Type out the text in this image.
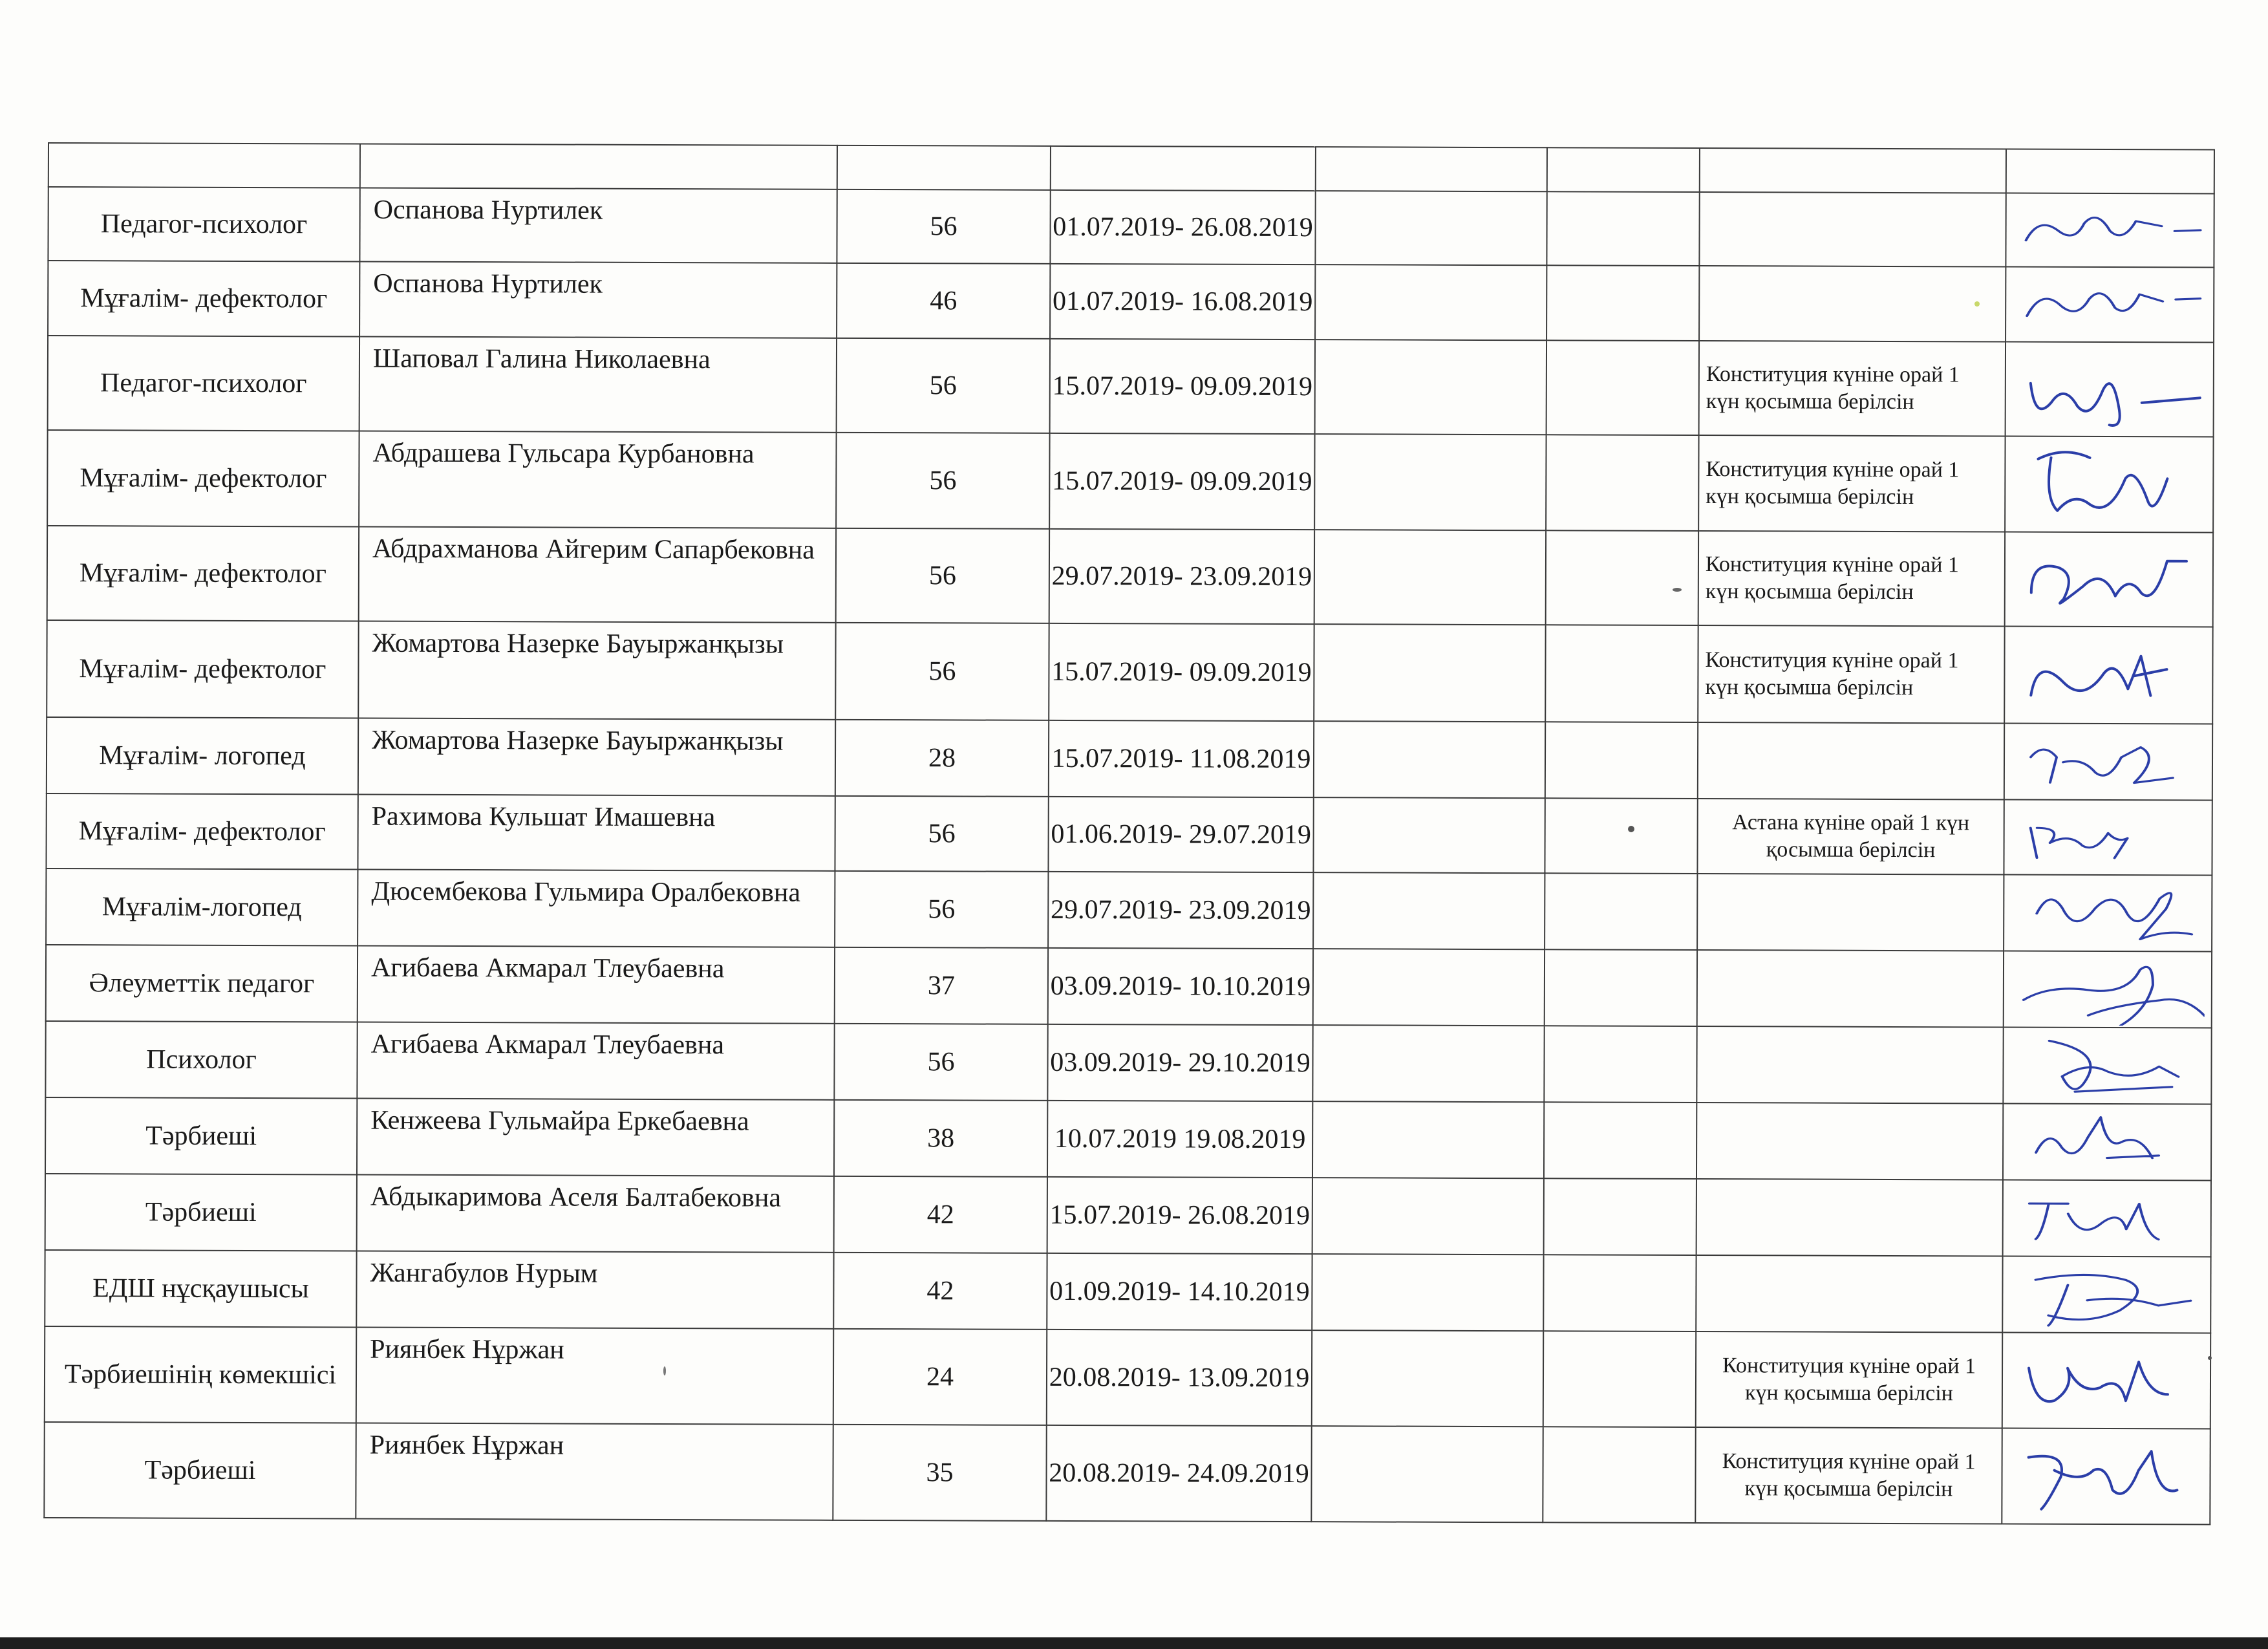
Педагог-психолог	Оспанова Нуртилек	56	01.07.2019- 26.08.2019				

Мұғалім- дефектолог	Оспанова Нуртилек	46	01.07.2019- 16.08.2019				

Педагог-психолог	Шаповал Галина Николаевна	56	15.07.2019- 09.09.2019			Конституция күніне орай 1 күн қосымша берілсін	

Мұғалім- дефектолог	Абдрашева Гульсара Курбановна	56	15.07.2019- 09.09.2019			Конституция күніне орай 1 күн қосымша берілсін	

Мұғалім- дефектолог	Абдрахманова Айгерим Сапарбековна	56	29.07.2019- 23.09.2019			Конституция күніне орай 1 күн қосымша берілсін	

Мұғалім- дефектолог	Жомартова Назерке Бауыржанқызы	56	15.07.2019- 09.09.2019			Конституция күніне орай 1 күн қосымша берілсін	

Мұғалім- логопед	Жомартова Назерке Бауыржанқызы	28	15.07.2019- 11.08.2019				

Мұғалім- дефектолог	Рахимова Кульшат Имашевна	56	01.06.2019- 29.07.2019			Астана күніне орай 1 күн қосымша берілсін	

Мұғалім-логопед	Дюсембекова Гульмира Оралбековна	56	29.07.2019- 23.09.2019				

Әлеуметтік педагог	Агибаева Акмарал Тлеубаевна	37	03.09.2019- 10.10.2019				

Психолог	Агибаева Акмарал Тлеубаевна	56	03.09.2019- 29.10.2019				

Тәрбиеші	Кенжеева Гульмайра Еркебаевна	38	10.07.2019 19.08.2019				

Тәрбиеші	Абдыкаримова Аселя Балтабековна	42	15.07.2019- 26.08.2019				

ЕДШ нұсқаушысы	Жангабулов Нурым	42	01.09.2019- 14.10.2019				

Тәрбиешінің көмекшісі	Риянбек Нұржан	24	20.08.2019- 13.09.2019			Конституция күніне орай 1 күн қосымша берілсін	

Тәрбиеші	Риянбек Нұржан	35	20.08.2019- 24.09.2019			Конституция күніне орай 1 күн қосымша берілсін	
